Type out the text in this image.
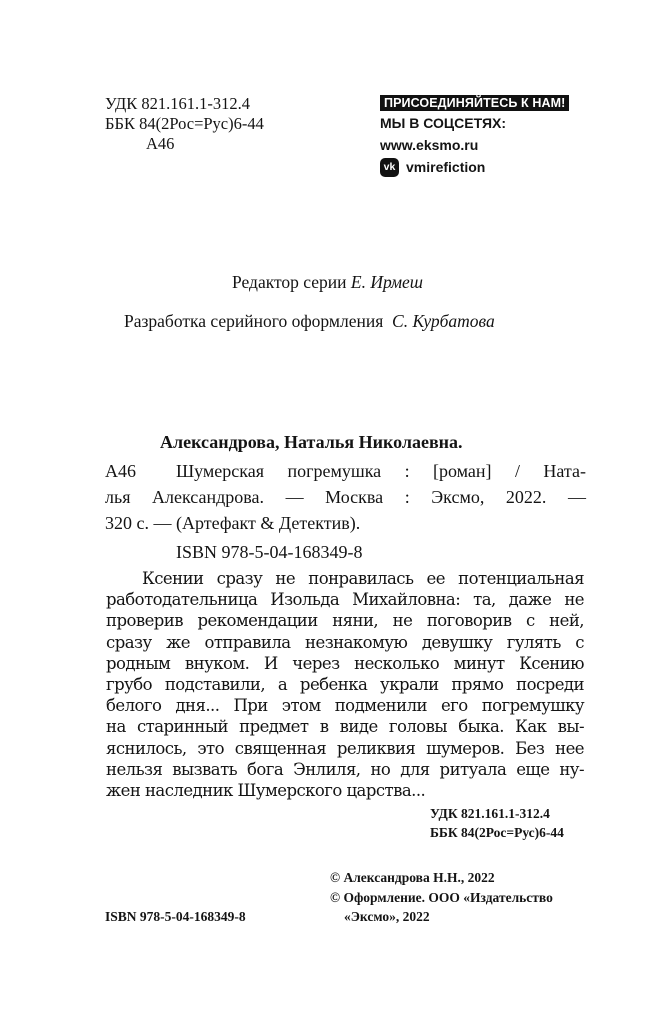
УДК 821.161.1-312.4
ББК 84(2Рос=Рус)6-44
А46
ПРИСОЕДИНЯЙТЕСЬ К НАМ!
МЫ В СОЦСЕТЯХ:
www.eksmo.ru
vk vmirefiction
Редактор серии Е. Ирмеш
Разработка серийного оформления С. Курбатова
Александрова, Наталья Николаевна.
А46 Шумерская погремушка : [роман] / Ната-
лья Александрова. — Москва : Эксмо, 2022. —
320 с. — (Артефакт & Детектив).
ISBN 978-5-04-168349-8
Ксении сразу не понравилась ее потенциальная
работодательница Изольда Михайловна: та, даже не
проверив рекомендации няни, не поговорив с ней,
сразу же отправила незнакомую девушку гулять с
родным внуком. И через несколько минут Ксению
грубо подставили, а ребенка украли прямо посреди
белого дня... При этом подменили его погремушку
на старинный предмет в виде головы быка. Как вы-
яснилось, это священная реликвия шумеров. Без нее
нельзя вызвать бога Энлиля, но для ритуала еще ну-
жен наследник Шумерского царства...
УДК 821.161.1-312.4
ББК 84(2Рос=Рус)6-44
© Александрова Н.Н., 2022
© Оформление. ООО «Издательство
«Эксмо», 2022
ISBN 978-5-04-168349-8
